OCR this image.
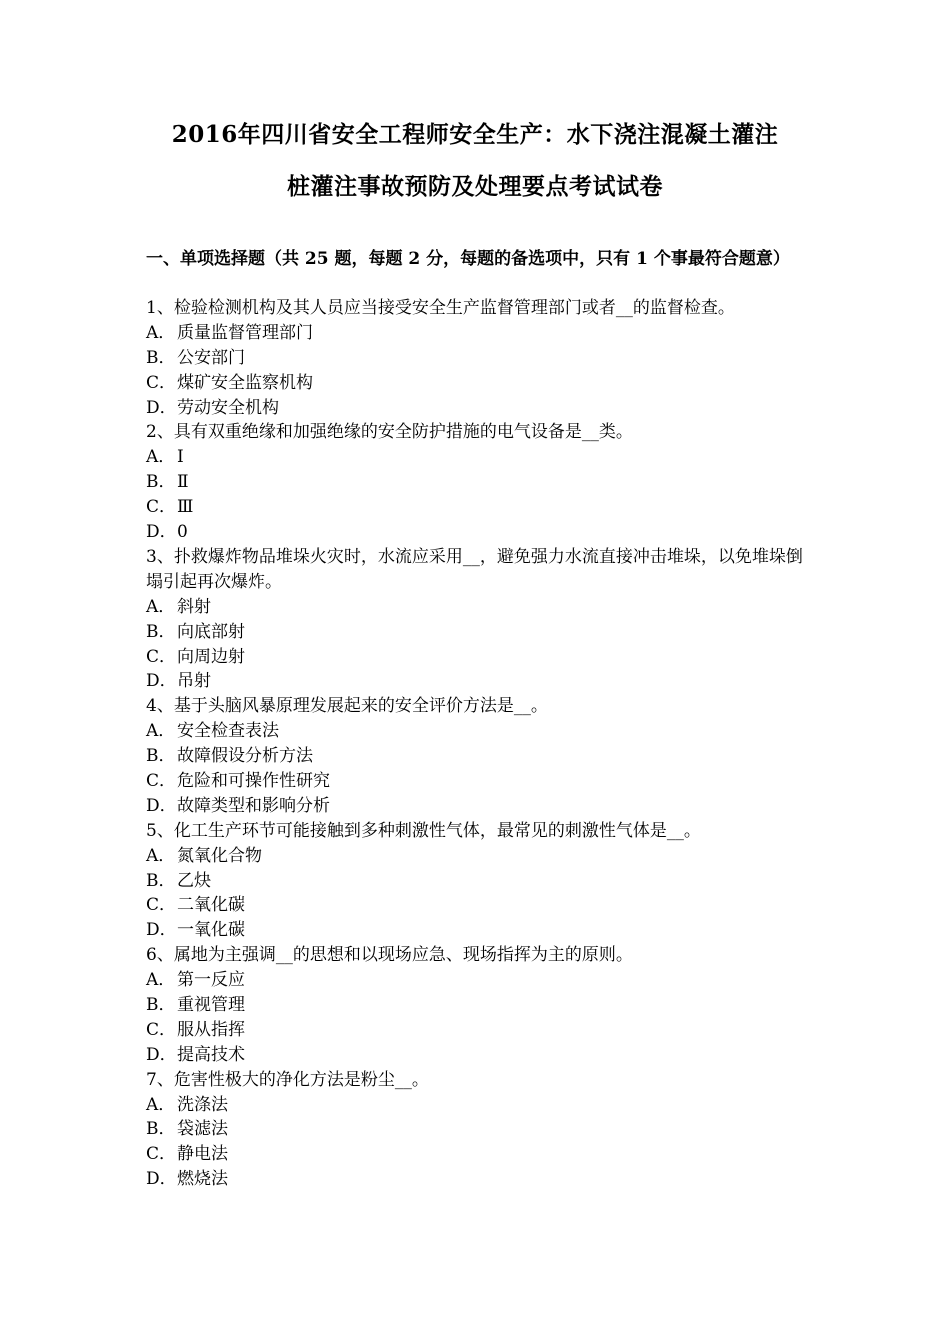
2016年四川省安全工程师安全生产：水下浇注混凝土灌注
桩灌注事故预防及处理要点考试试卷
一、单项选择题（共 25 题，每题 2 分，每题的备选项中，只有 1 个事最符合题意）
1、检验检测机构及其人员应当接受安全生产监督管理部门或者__的监督检查。
A． 质量监督管理部门
B．公安部门
C．煤矿安全监察机构
D．劳动安全机构
2、具有双重绝缘和加强绝缘的安全防护措施的电气设备是__类。
A． Ⅰ
B．Ⅱ
C．Ⅲ
D．0
3、扑救爆炸物品堆垛火灾时，水流应采用__，避免强力水流直接冲击堆垛，以免堆垛倒塌引起再次爆炸。
A． 斜射
B．向底部射
C．向周边射
D．吊射
4、基于头脑风暴原理发展起来的安全评价方法是__。
A． 安全检查表法
B．故障假设分析方法
C．危险和可操作性研究
D．故障类型和影响分析
5、化工生产环节可能接触到多种刺激性气体，最常见的刺激性气体是__。
A． 氮氧化合物
B．乙炔
C．二氧化碳
D．一氧化碳
6、属地为主强调__的思想和以现场应急、现场指挥为主的原则。
A． 第一反应
B．重视管理
C．服从指挥
D．提高技术
7、危害性极大的净化方法是粉尘__。
A． 洗涤法
B．袋滤法
C．静电法
D．燃烧法
